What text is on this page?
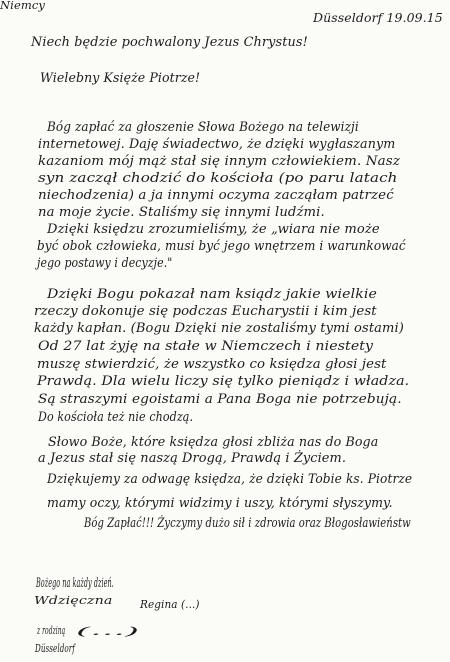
Düsseldorf 19.09.15
Niech będzie pochwalony Jezus Chrystus!
Wielebny Księże Piotrze!
Bóg zapłać za głoszenie Słowa Bożego na telewizji
internetowej. Daję świadectwo, że dzięki wygłaszanym
kazaniom mój mąż stał się innym człowiekiem. Nasz
syn zaczął chodzić do kościoła (po paru latach
niechodzenia) a ja innymi oczyma zacząłam patrzeć
na moje życie. Staliśmy się innymi ludźmi.
Dzięki księdzu zrozumieliśmy, że „wiara nie może
być obok człowieka, musi być jego wnętrzem i warunkować
jego postawy i decyzje."
Dzięki Bogu pokazał nam ksiądz jakie wielkie
rzeczy dokonuje się podczas Eucharystii i kim jest
każdy kapłan. (Bogu Dzięki nie zostaliśmy tymi ostami)
Od 27 lat żyję na stałe w Niemczech i niestety
muszę stwierdzić, że wszystko co księdza głosi jest
Prawdą. Dla wielu liczy się tylko pieniądz i władza.
Są straszymi egoistami a Pana Boga nie potrzebują.
Do kościoła też nie chodzą.
Słowo Boże, które księdza głosi zbliża nas do Boga
a Jezus stał się naszą Drogą, Prawdą i Życiem.
Dziękujemy za odwagę księdza, że dzięki Tobie ks. Piotrze
mamy oczy, którymi widzimy i uszy, którymi słyszymy.
Bóg Zapłać!!! Życzymy dużo sił i zdrowia oraz Błogosławieństw
Bożego na każdy dzień.
Wdzięczna Regina (...)
z rodziną (...)
Düsseldorf
Niemcy
